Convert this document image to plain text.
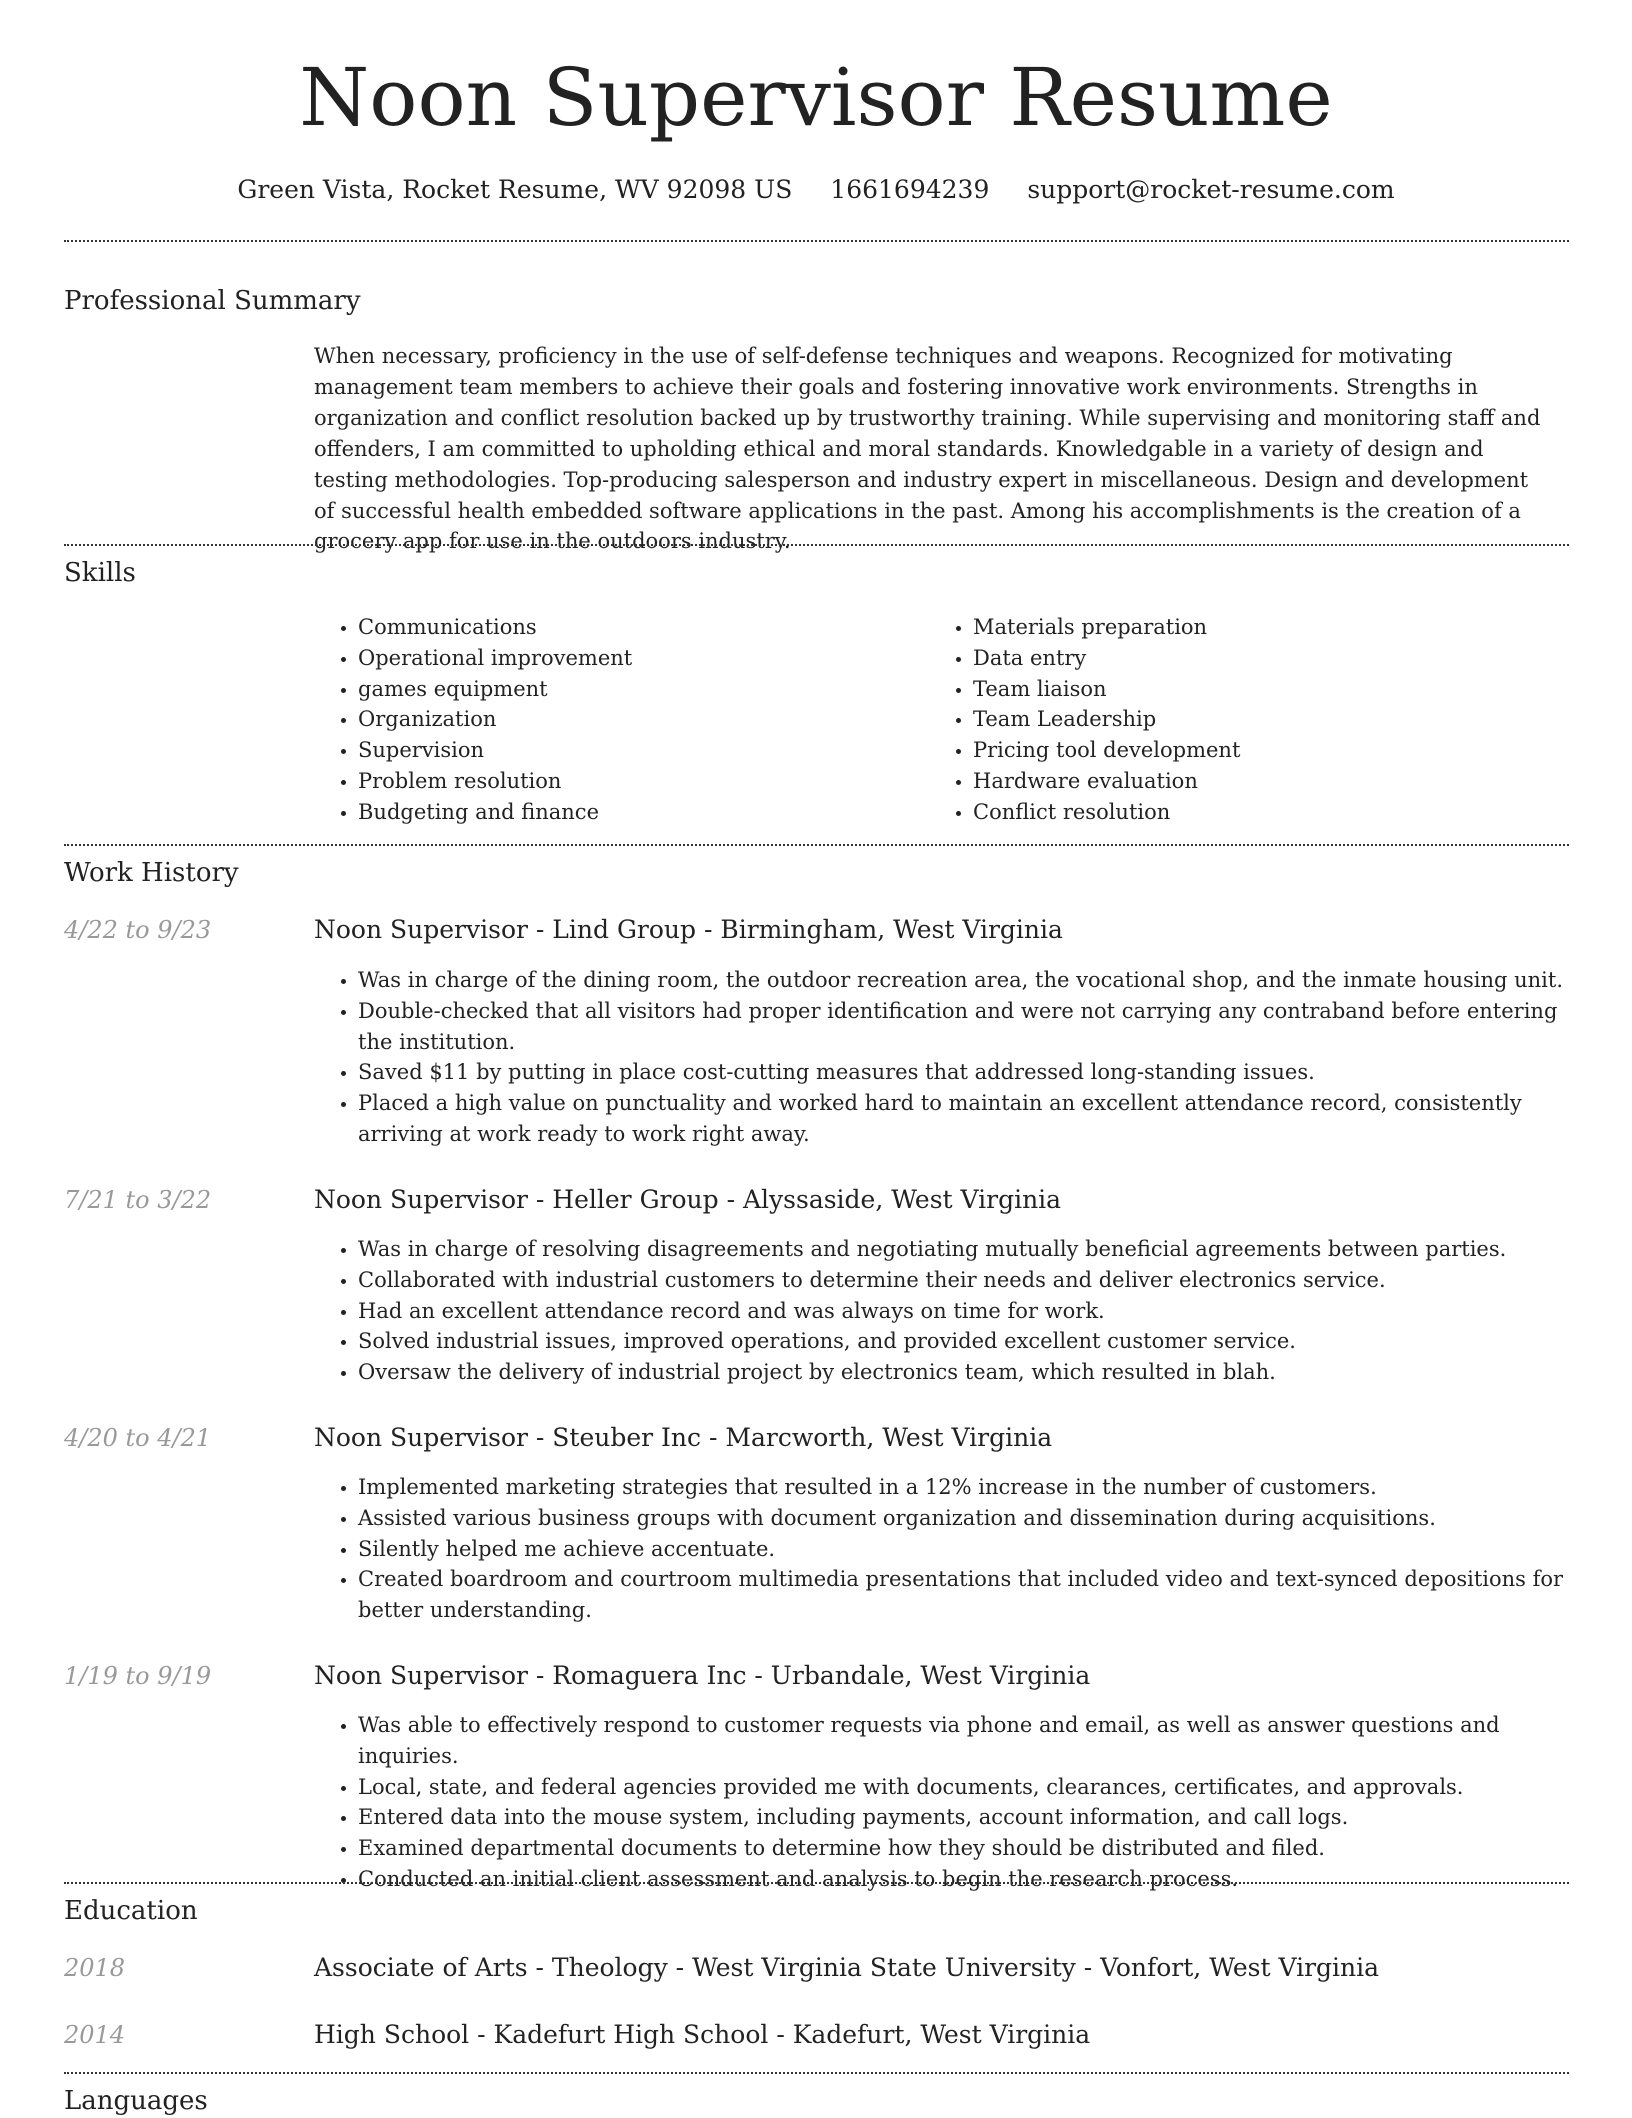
Noon Supervisor Resume
Green Vista, Rocket Resume, WV 92098 US 1661694239 support@rocket-resume.com
Professional Summary

When necessary, proficiency in the use of self-defense techniques and weapons. Recognized for motivating management team members to achieve their goals and fostering innovative work environments. Strengths in organization and conflict resolution backed up by trustworthy training. While supervising and monitoring staff and offenders, I am committed to upholding ethical and moral standards. Knowledgable in a variety of design and testing methodologies. Top-producing salesperson and industry expert in miscellaneous. Design and development of successful health embedded software applications in the past. Among his accomplishments is the creation of a grocery app for use in the outdoors industry.

Skills
• Communications
• Operational improvement
• games equipment
• Organization
• Supervision
• Problem resolution
• Budgeting and finance
• Materials preparation
• Data entry
• Team liaison
• Team Leadership
• Pricing tool development
• Hardware evaluation
• Conflict resolution
Work History
4/22 to 9/23	Noon Supervisor - Lind Group - Birmingham, West Virginia
• Was in charge of the dining room, the outdoor recreation area, the vocational shop, and the inmate housing unit.
• Double-checked that all visitors had proper identification and were not carrying any contraband before entering the institution.
• Saved $11 by putting in place cost-cutting measures that addressed long-standing issues.
• Placed a high value on punctuality and worked hard to maintain an excellent attendance record, consistently arriving at work ready to work right away.
7/21 to 3/22	Noon Supervisor - Heller Group - Alyssaside, West Virginia
• Was in charge of resolving disagreements and negotiating mutually beneficial agreements between parties.
• Collaborated with industrial customers to determine their needs and deliver electronics service.
• Had an excellent attendance record and was always on time for work.
• Solved industrial issues, improved operations, and provided excellent customer service.
• Oversaw the delivery of industrial project by electronics team, which resulted in blah.
4/20 to 4/21	Noon Supervisor - Steuber Inc - Marcworth, West Virginia
• Implemented marketing strategies that resulted in a 12% increase in the number of customers.
• Assisted various business groups with document organization and dissemination during acquisitions.
• Silently helped me achieve accentuate.
• Created boardroom and courtroom multimedia presentations that included video and text-synced depositions for better understanding.
1/19 to 9/19	Noon Supervisor - Romaguera Inc - Urbandale, West Virginia
• Was able to effectively respond to customer requests via phone and email, as well as answer questions and inquiries.
• Local, state, and federal agencies provided me with documents, clearances, certificates, and approvals.
• Entered data into the mouse system, including payments, account information, and call logs.
• Examined departmental documents to determine how they should be distributed and filed.
• Conducted an initial client assessment and analysis to begin the research process.
Education
2018	Associate of Arts - Theology - West Virginia State University - Vonfort, West Virginia
2014	High School - Kadefurt High School - Kadefurt, West Virginia
Languages
